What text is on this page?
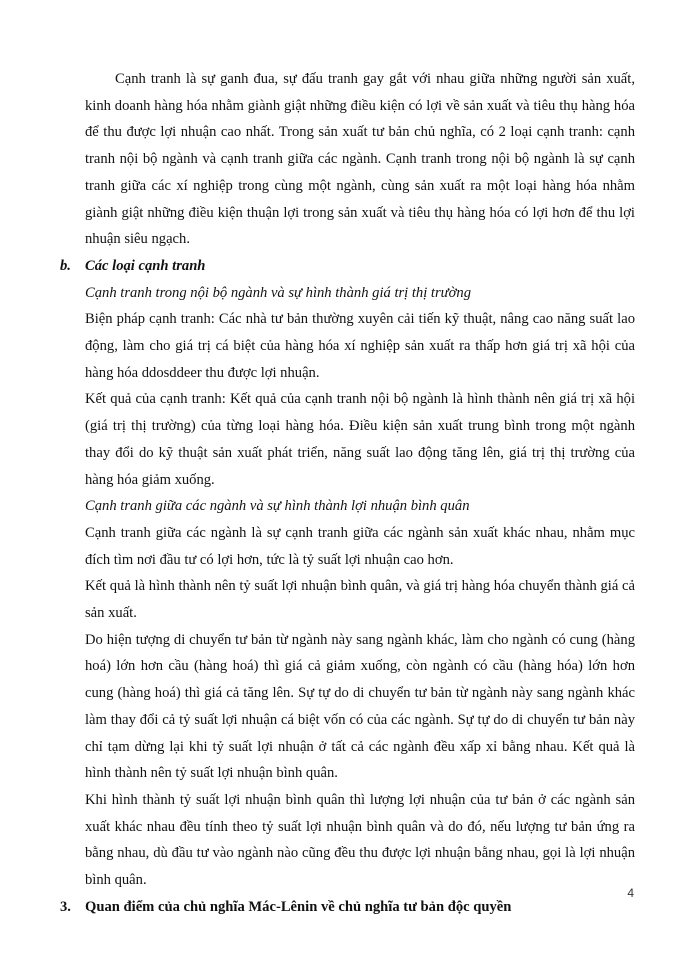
Cạnh tranh là sự ganh đua, sự đấu tranh gay gắt với nhau giữa những người sản xuất, kinh doanh hàng hóa nhằm giành giật những điều kiện có lợi về sản xuất và tiêu thụ hàng hóa để thu được lợi nhuận cao nhất. Trong sản xuất tư bản chủ nghĩa, có 2 loại cạnh tranh: cạnh tranh nội bộ ngành và cạnh tranh giữa các ngành. Cạnh tranh trong nội bộ ngành là sự cạnh tranh giữa các xí nghiệp trong cùng một ngành, cùng sản xuất ra một loại hàng hóa nhằm giành giật những điều kiện thuận lợi trong sản xuất và tiêu thụ hàng hóa có lợi hơn để thu lợi nhuận siêu ngạch.

b. Các loại cạnh tranh

Cạnh tranh trong nội bộ ngành và sự hình thành giá trị thị trường

Biện pháp cạnh tranh: Các nhà tư bản thường xuyên cải tiến kỹ thuật, nâng cao năng suất lao động, làm cho giá trị cá biệt của hàng hóa xí nghiệp sản xuất ra thấp hơn giá trị xã hội của hàng hóa ddosddeer thu được lợi nhuận.

Kết quả của cạnh tranh: Kết quả của cạnh tranh nội bộ ngành là hình thành nên giá trị xã hội (giá trị thị trường) của từng loại hàng hóa. Điều kiện sản xuất trung bình trong một ngành thay đổi do kỹ thuật sản xuất phát triển, năng suất lao động tăng lên, giá trị thị trường của hàng hóa giảm xuống.

Cạnh tranh giữa các ngành và sự hình thành lợi nhuận bình quân

Cạnh tranh giữa các ngành là sự cạnh tranh giữa các ngành sản xuất khác nhau, nhằm mục đích tìm nơi đầu tư có lợi hơn, tức là tỷ suất lợi nhuận cao hơn.

Kết quả là hình thành nên tỷ suất lợi nhuận bình quân, và giá trị hàng hóa chuyển thành giá cả sản xuất.

Do hiện tượng di chuyển tư bản từ ngành này sang ngành khác, làm cho ngành có cung (hàng hoá) lớn hơn cầu (hàng hoá) thì giá cả giảm xuống, còn ngành có cầu (hàng hóa) lớn hơn cung (hàng hoá) thì giá cả tăng lên. Sự tự do di chuyển tư bản từ ngành này sang ngành khác làm thay đổi cả tỷ suất lợi nhuận cá biệt vốn có của các ngành. Sự tự do di chuyển tư bản này chỉ tạm dừng lại khi tỷ suất lợi nhuận ở tất cả các ngành đều xấp xỉ bằng nhau. Kết quả là hình thành nên tỷ suất lợi nhuận bình quân.

Khi hình thành tỷ suất lợi nhuận bình quân thì lượng lợi nhuận của tư bản ở các ngành sản xuất khác nhau đều tính theo tỷ suất lợi nhuận bình quân và do đó, nếu lượng tư bản ứng ra bằng nhau, dù đầu tư vào ngành nào cũng đều thu được lợi nhuận bằng nhau, gọi là lợi nhuận bình quân.

3. Quan điểm của chủ nghĩa Mác-Lênin về chủ nghĩa tư bản độc quyền

4
